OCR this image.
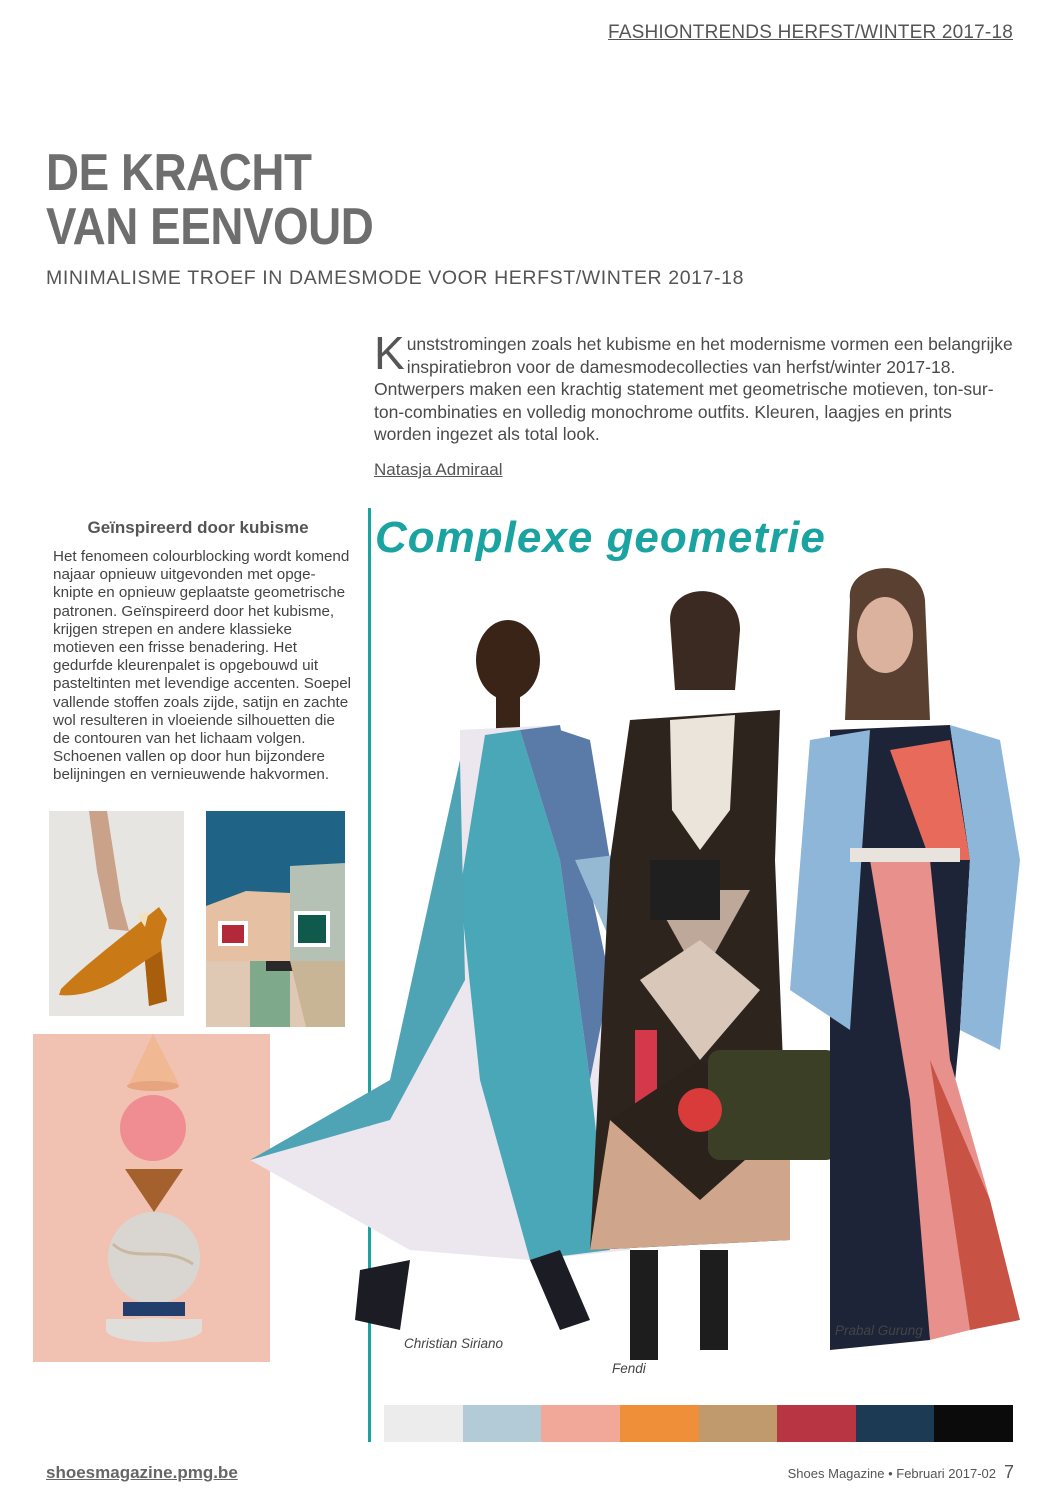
FASHIONTRENDS HERFST/WINTER 2017-18
DE KRACHT
VAN EENVOUD
MINIMALISME TROEF IN DAMESMODE VOOR HERFST/WINTER 2017-18
Kunststromingen zoals het kubisme en het modernisme vormen een belangrijke inspiratiebron voor de damesmodecollecties van herfst/winter 2017-18. Ontwerpers maken een krachtig statement met geometrische motieven, ton-sur-ton-combinaties en volledig monochrome outfits. Kleuren, laagjes en prints worden ingezet als total look.
Natasja Admiraal
Geïnspireerd door kubisme
Het fenomeen colourblocking wordt komend najaar opnieuw uitgevonden met opge-knipte en opnieuw geplaatste geometrische patronen. Geïnspireerd door het kubisme, krijgen strepen en andere klassieke motieven een frisse benadering. Het gedurfde kleurenpalet is opgebouwd uit pasteltinten met levendige accenten. Soepel vallende stoffen zoals zijde, satijn en zachte wol resulteren in vloeiende silhouetten die de contouren van het lichaam volgen. Schoenen vallen op door hun bijzondere belijningen en vernieuwende hakvormen.
Complexe geometrie
Christian Siriano
Fendi
Prabal Gurung
shoesmagazine.pmg.be	Shoes Magazine • Februari 2017-02 7
